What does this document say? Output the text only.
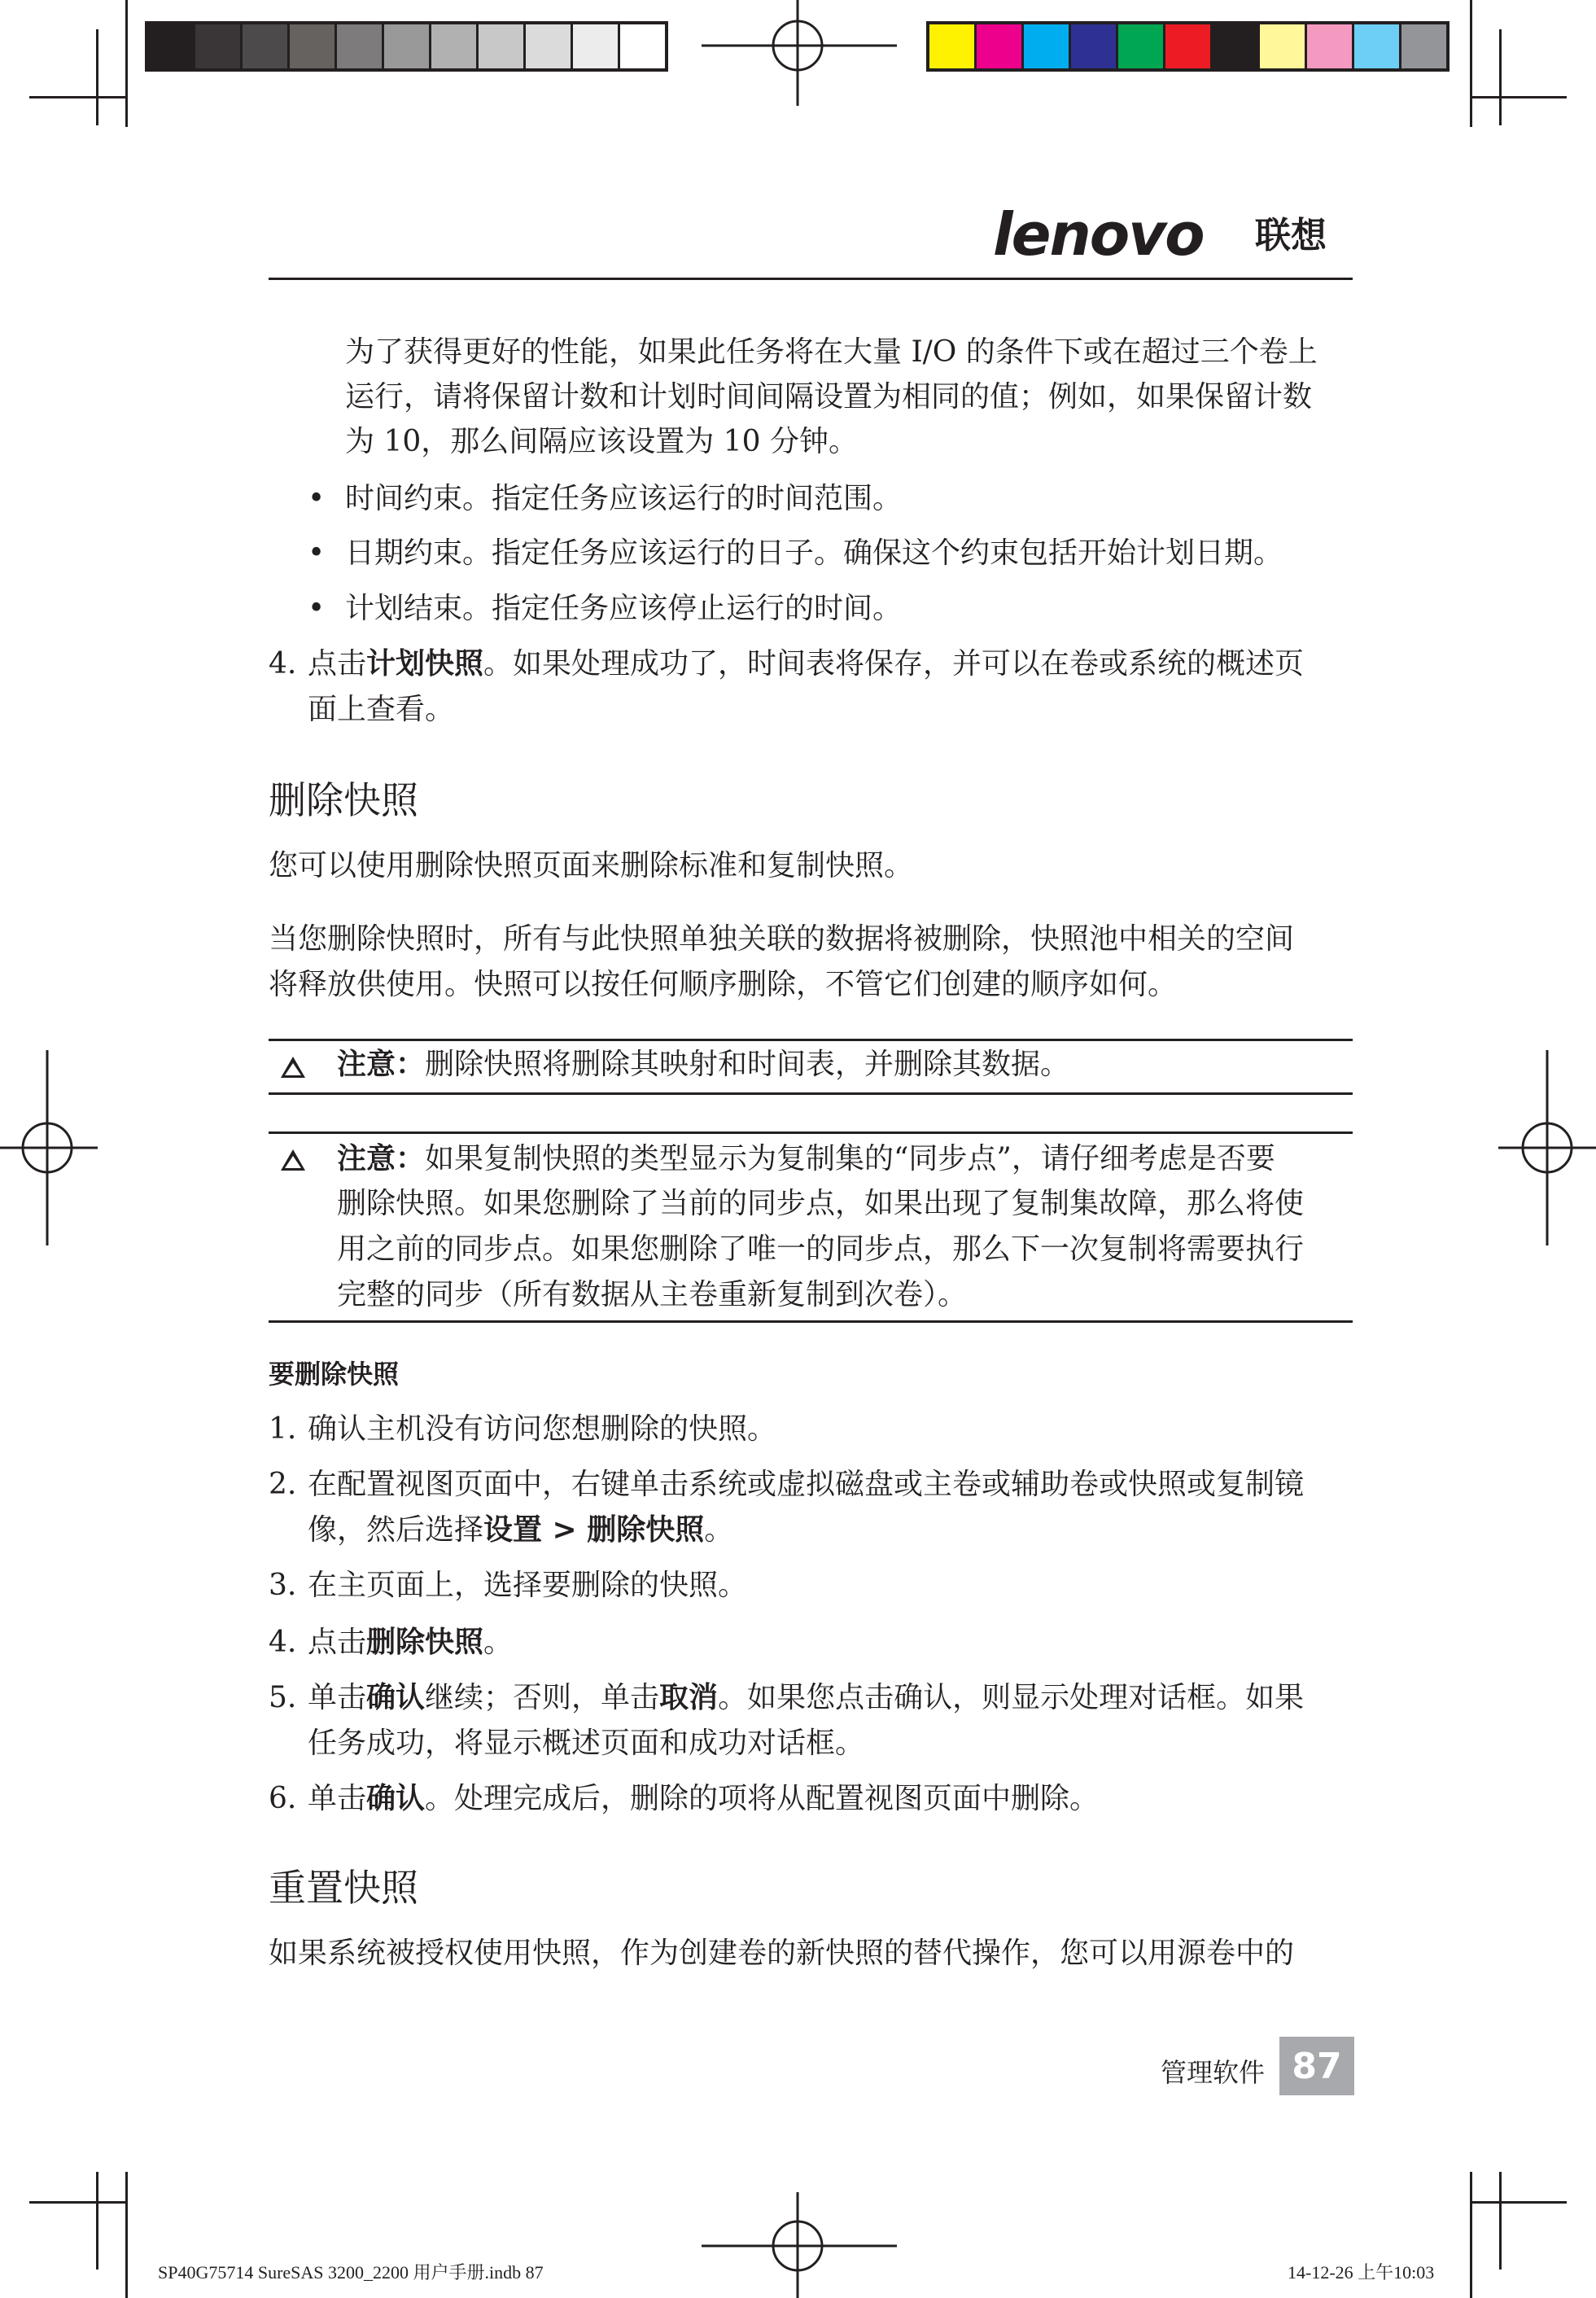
lenovo 联想
为了获得更好的性能，如果此任务将在大量 I/O 的条件下或在超过三个卷上
运行，请将保留计数和计划时间间隔设置为相同的值；例如，如果保留计数
为 10，那么间隔应该设置为 10 分钟。
• 时间约束。指定任务应该运行的时间范围。
• 日期约束。指定任务应该运行的日子。确保这个约束包括开始计划日期。
• 计划结束。指定任务应该停止运行的时间。
4. 点击计划快照。如果处理成功了，时间表将保存，并可以在卷或系统的概述页
面上查看。
删除快照
您可以使用删除快照页面来删除标准和复制快照。
当您删除快照时，所有与此快照单独关联的数据将被删除，快照池中相关的空间
将释放供使用。快照可以按任何顺序删除，不管它们创建的顺序如何。
注意：删除快照将删除其映射和时间表，并删除其数据。
注意：如果复制快照的类型显示为复制集的“同步点”，请仔细考虑是否要
删除快照。如果您删除了当前的同步点，如果出现了复制集故障，那么将使
用之前的同步点。如果您删除了唯一的同步点，那么下一次复制将需要执行
完整的同步（所有数据从主卷重新复制到次卷）。
要删除快照
1. 确认主机没有访问您想删除的快照。
2. 在配置视图页面中，右键单击系统或虚拟磁盘或主卷或辅助卷或快照或复制镜
像，然后选择设置 > 删除快照。
3. 在主页面上，选择要删除的快照。
4. 点击删除快照。
5. 单击确认继续；否则，单击取消。如果您点击确认，则显示处理对话框。如果
任务成功，将显示概述页面和成功对话框。
6. 单击确认。处理完成后，删除的项将从配置视图页面中删除。
重置快照
如果系统被授权使用快照，作为创建卷的新快照的替代操作，您可以用源卷中的
管理软件 87
SP40G75714 SureSAS 3200_2200 用户手册.indb 87	14-12-26 上午10:03
